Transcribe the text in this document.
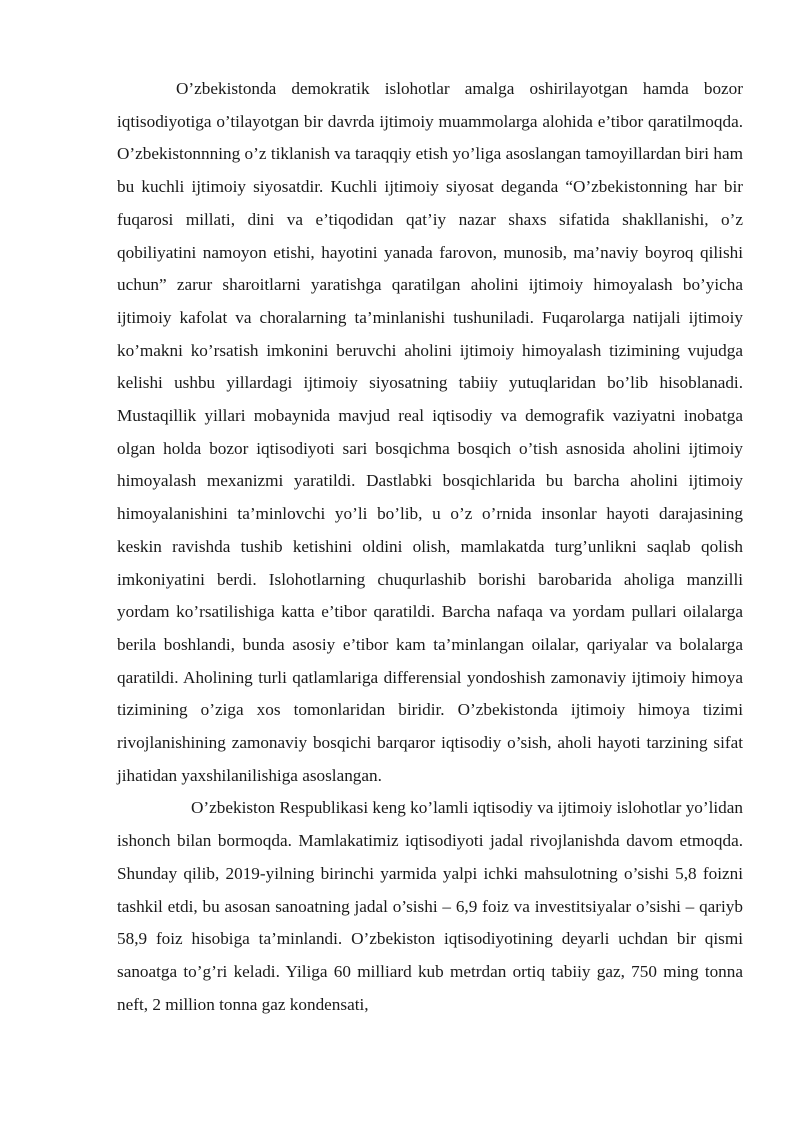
O’zbekistonda demokratik islohotlar amalga oshirilayotgan hamda bozor iqtisodiyotiga o’tilayotgan bir davrda ijtimoiy muammolarga alohida e’tibor qaratilmoqda. O’zbekistonnning o’z tiklanish va taraqqiy etish yo’liga asoslangan tamoyillardan biri ham bu kuchli ijtimoiy siyosatdir. Kuchli ijtimoiy siyosat deganda “O’zbekistonning har bir fuqarosi millati, dini va e’tiqodidan qat’iy nazar shaxs sifatida shakllanishi, o’z qobiliyatini namoyon etishi, hayotini yanada farovon, munosib, ma’naviy boyroq qilishi uchun” zarur sharoitlarni yaratishga qaratilgan aholini ijtimoiy himoyalash bo’yicha ijtimoiy kafolat va choralarning ta’minlanishi tushuniladi. Fuqarolarga natijali ijtimoiy ko’makni ko’rsatish imkonini beruvchi aholini ijtimoiy himoyalash tizimining vujudga kelishi ushbu yillardagi ijtimoiy siyosatning tabiiy yutuqlaridan bo’lib hisoblanadi. Mustaqillik yillari mobaynida mavjud real iqtisodiy va demografik vaziyatni inobatga olgan holda bozor iqtisodiyoti sari bosqichma bosqich o’tish asnosida aholini ijtimoiy himoyalash mexanizmi yaratildi. Dastlabki bosqichlarida bu barcha aholini ijtimoiy himoyalanishini ta’minlovchi yo’li bo’lib, u o’z o’rnida insonlar hayoti darajasining keskin ravishda tushib ketishini oldini olish, mamlakatda turg’unlikni saqlab qolish imkoniyatini berdi. Islohotlarning chuqurlashib borishi barobarida aholiga manzilli yordam ko’rsatilishiga katta e’tibor qaratildi. Barcha nafaqa va yordam pullari oilalarga berila boshlandi, bunda asosiy e’tibor kam ta’minlangan oilalar, qariyalar va bolalarga qaratildi. Aholining turli qatlamlariga differensial yondoshish zamonaviy ijtimoiy himoya tizimining o’ziga xos tomonlaridan biridir. O’zbekistonda ijtimoiy himoya tizimi rivojlanishining zamonaviy bosqichi barqaror iqtisodiy o’sish, aholi hayoti tarzining sifat jihatidan yaxshilanilishiga asoslangan.

O’zbekiston Respublikasi keng ko’lamli iqtisodiy va ijtimoiy islohotlar yo’lidan ishonch bilan bormoqda. Mamlakatimiz iqtisodiyoti jadal rivojlanishda davom etmoqda. Shunday qilib, 2019-yilning birinchi yarmida yalpi ichki mahsulotning o’sishi 5,8 foizni tashkil etdi, bu asosan sanoatning jadal o’sishi – 6,9 foiz va investitsiyalar o’sishi – qariyb 58,9 foiz hisobiga ta’minlandi. O’zbekiston iqtisodiyotining deyarli uchdan bir qismi sanoatga to’g’ri keladi. Yiliga 60 milliard kub metrdan ortiq tabiiy gaz, 750 ming tonna neft, 2 million tonna gaz kondensati,
